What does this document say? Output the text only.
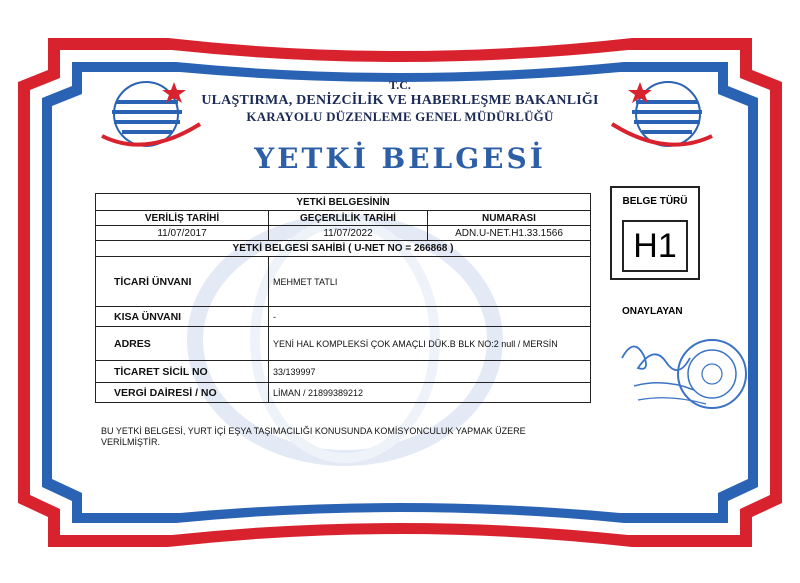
T.C.
ULAŞTIRMA, DENİZCİLİK VE HABERLEŞME BAKANLIĞI
KARAYOLU DÜZENLEME GENEL MÜDÜRLÜĞÜ
YETKİ BELGESİ
YETKİ BELGESİNİN		
VERİLİŞ TARİHİ	GEÇERLİLİK TARİHİ	NUMARASI
11/07/2017	11/07/2022	ADN.U-NET.H1.33.1566
YETKİ BELGESİ SAHİBİ ( U-NET NO = 266868 )		
TİCARİ ÜNVANI	MEHMET TATLI	
KISA ÜNVANI	-	
ADRES	YENİ HAL KOMPLEKSİ ÇOK AMAÇLI DÜK.B BLK NO:2 null / MERSİN	
TİCARET SİCİL NO	33/139997	
VERGİ DAİRESİ / NO	LİMAN / 21899389212	
BELGE TÜRÜ
H1
ONAYLAYAN
BU YETKİ BELGESİ, YURT İÇİ EŞYA TAŞIMACILIĞI KONUSUNDA KOMİSYONCULUK YAPMAK ÜZERE VERİLMİŞTİR.
